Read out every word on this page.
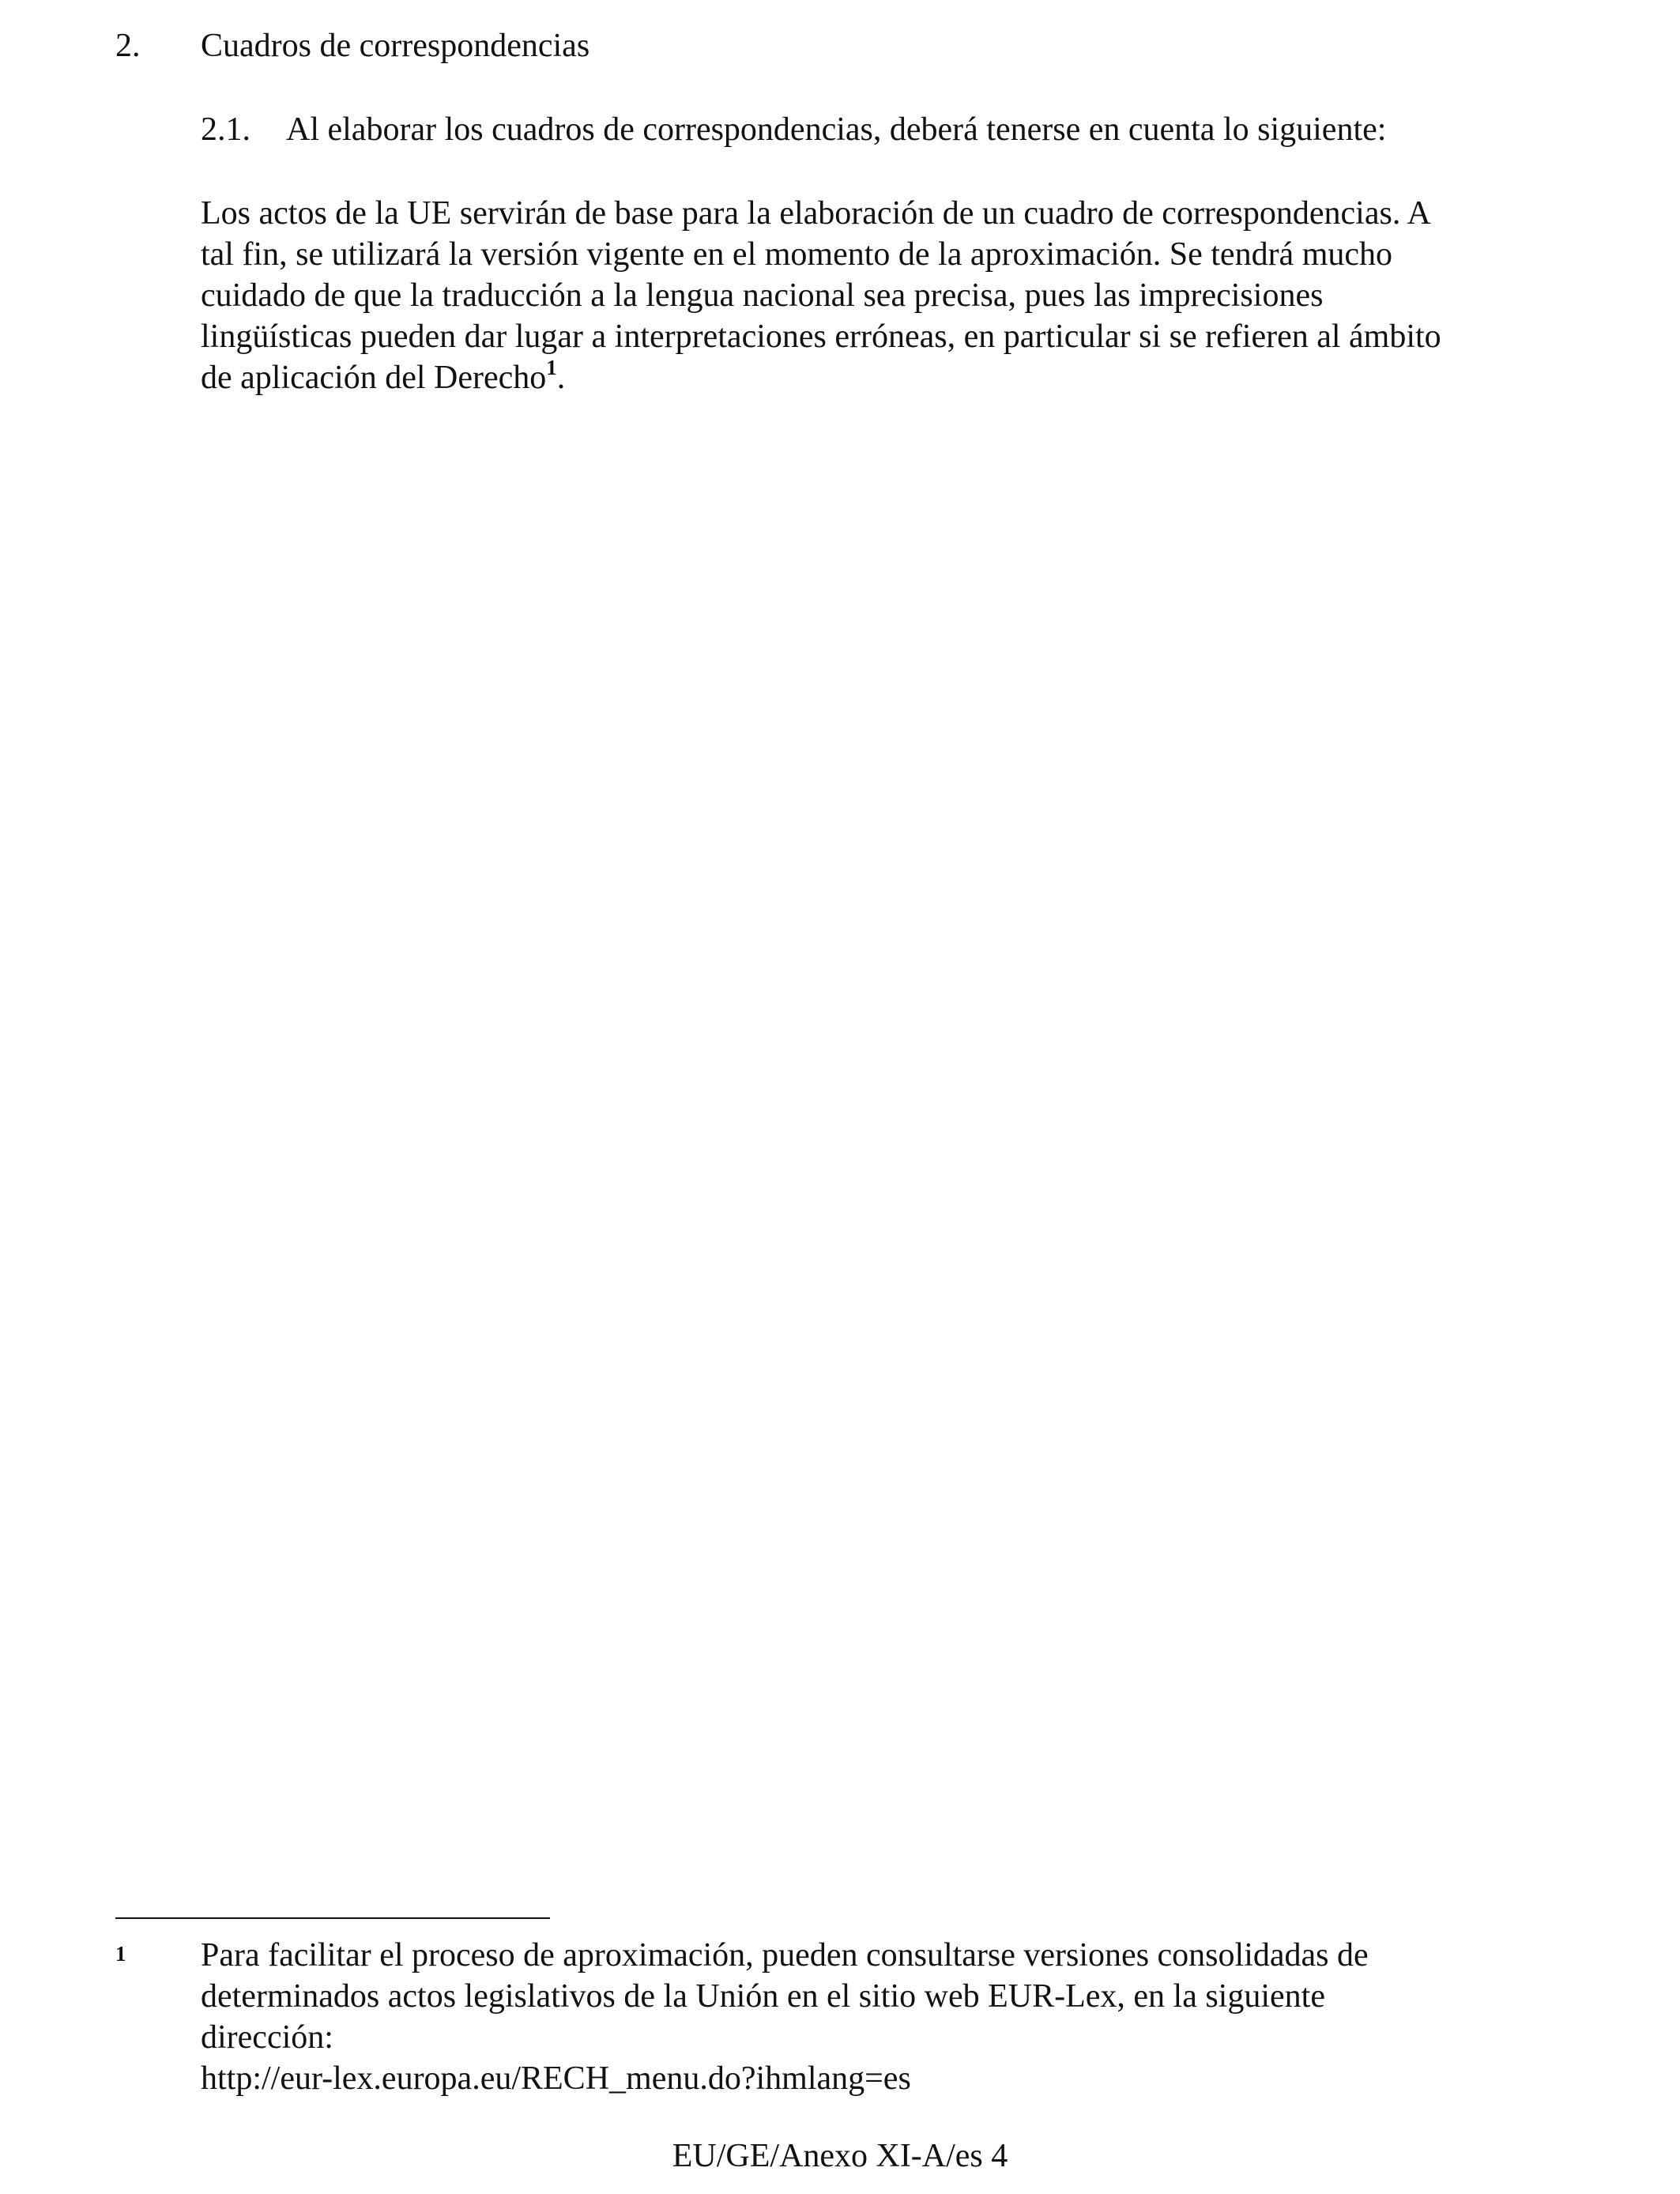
2. Cuadros de correspondencias

2.1. Al elaborar los cuadros de correspondencias, deberá tenerse en cuenta lo siguiente:

Los actos de la UE servirán de base para la elaboración de un cuadro de correspondencias. A
tal fin, se utilizará la versión vigente en el momento de la aproximación. Se tendrá mucho
cuidado de que la traducción a la lengua nacional sea precisa, pues las imprecisiones
lingüísticas pueden dar lugar a interpretaciones erróneas, en particular si se refieren al ámbito
de aplicación del Derecho$^1$.

1 Para facilitar el proceso de aproximación, pueden consultarse versiones consolidadas de
determinados actos legislativos de la Unión en el sitio web EUR-Lex, en la siguiente
dirección:
http://eur-lex.europa.eu/RECH_menu.do?ihmlang=es

EU/GE/Anexo XI-A/es 4
